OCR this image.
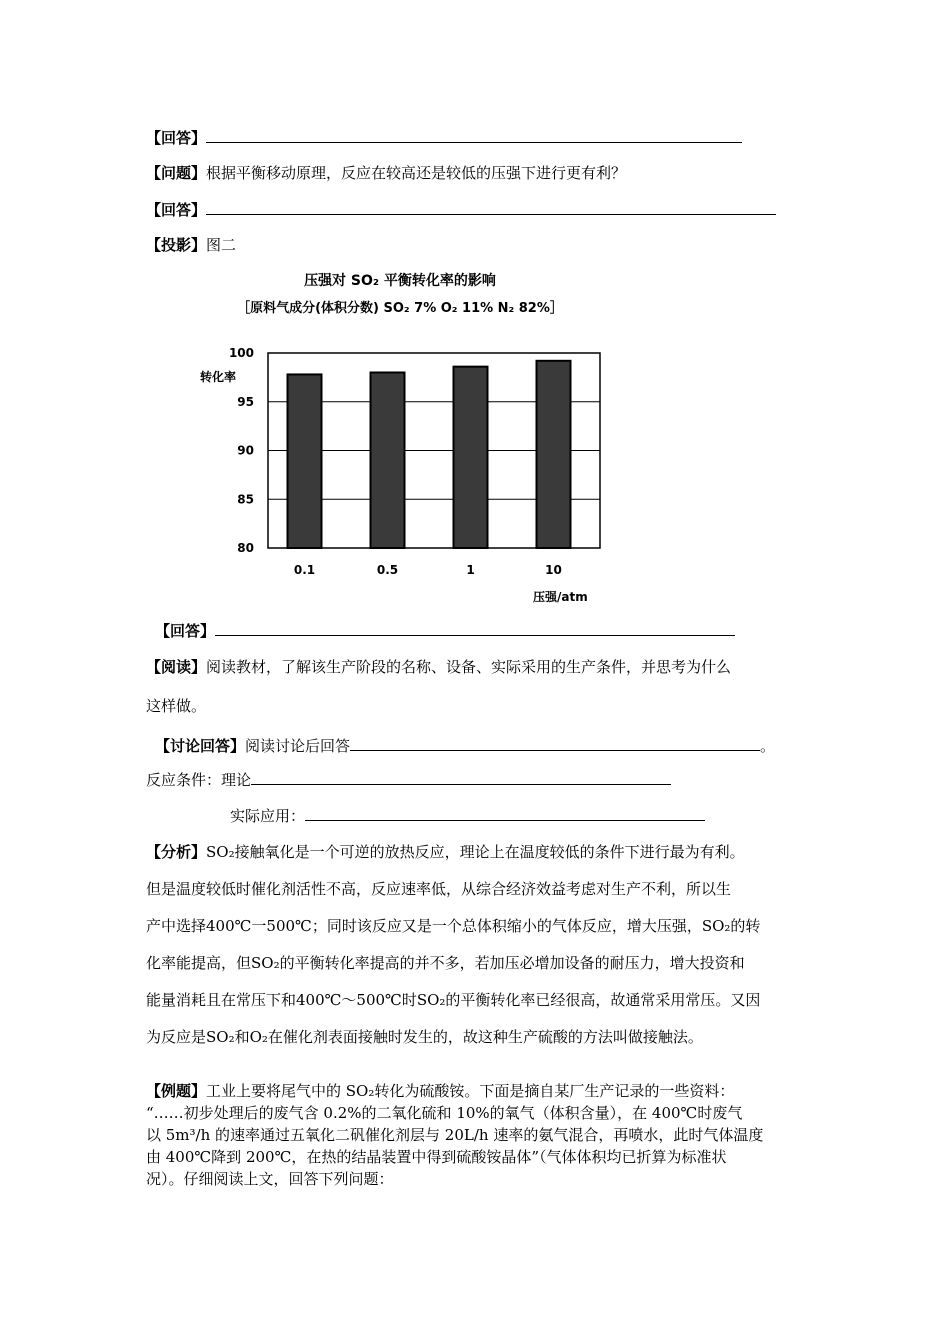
【回答】
【问题】根据平衡移动原理，反应在较高还是较低的压强下进行更有利？
【回答】
【投影】图二
压强对 SO₂ 平衡转化率的影响
［原料气成分(体积分数) SO₂ 7% O₂ 11% N₂ 82%］
转化率
压强/atm
80
85
90
95
100
0.1	0.5	1	10
【回答】
【阅读】阅读教材，了解该生产阶段的名称、设备、实际采用的生产条件，并思考为什么
这样做。
【讨论回答】阅读讨论后回答	。
反应条件：理论
实际应用：
【分析】SO₂接触氧化是一个可逆的放热反应，理论上在温度较低的条件下进行最为有利。
但是温度较低时催化剂活性不高，反应速率低，从综合经济效益考虑对生产不利，所以生
产中选择400℃一500℃；同时该反应又是一个总体积缩小的气体反应，增大压强，SO₂的转
化率能提高，但SO₂的平衡转化率提高的并不多，若加压必增加设备的耐压力，增大投资和
能量消耗且在常压下和400℃～500℃时SO₂的平衡转化率已经很高，故通常采用常压。又因
为反应是SO₂和O₂在催化剂表面接触时发生的，故这种生产硫酸的方法叫做接触法。
【例题】工业上要将尾气中的 SO₂转化为硫酸铵。下面是摘自某厂生产记录的一些资料：
“……初步处理后的废气含 0.2%的二氧化硫和 10%的氧气（体积含量），在 400℃时废气
以 5m³/h 的速率通过五氧化二矾催化剂层与 20L/h 速率的氨气混合，再喷水，此时气体温度
由 400℃降到 200℃，在热的结晶装置中得到硫酸铵晶体”（气体体积均已折算为标准状
况）。仔细阅读上文，回答下列问题：
